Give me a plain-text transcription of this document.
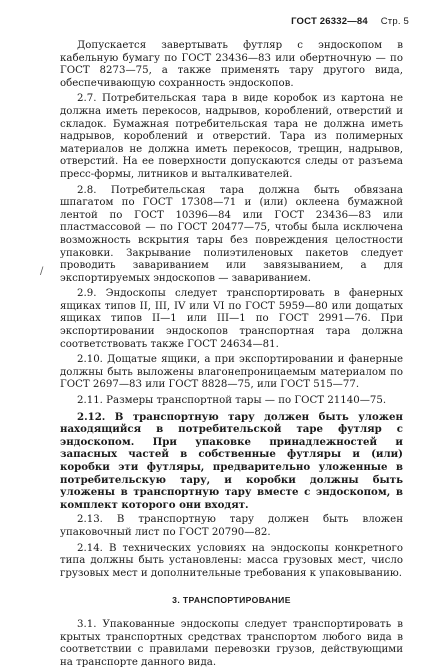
ГОСТ 26332—84 Стр. 5
/

Допускается завертывать футляр с эндоскопом в кабельную бумагу по ГОСТ 23436—83 или обертночную — по ГОСТ 8273—75, а также применять тару другого вида, обеспечивающую сохранность эндоскопов.

2.7. Потребительская тара в виде коробок из картона не должна иметь перекосов, надрывов, короблений, отверстий и складок. Бумажная потребительская тара не должна иметь надрывов, короблений и отверстий. Тара из полимерных материалов не должна иметь перекосов, трещин, надрывов, отверстий. На ее поверхности допускаются следы от разъема пресс-формы, литников и выталкивателей.

2.8. Потребительская тара должна быть обвязана шпагатом по ГОСТ 17308—71 и (или) оклеена бумажной лентой по ГОСТ 10396—84 или ГОСТ 23436—83 или пластмассовой — по ГОСТ 20477—75, чтобы была исключена возможность вскрытия тары без повреждения целостности упаковки. Закрывание полиэтиленовых пакетов следует проводить завариванием или завязыванием, а для экспортируемых эндоскопов — завариванием.

2.9. Эндоскопы следует транспортировать в фанерных ящиках типов II, III, IV или VI по ГОСТ 5959—80 или дощатых ящиках типов II—1 или III—1 по ГОСТ 2991—76. При экспортировании эндоскопов транспортная тара должна соответствовать также ГОСТ 24634—81.

2.10. Дощатые ящики, а при экспортировании и фанерные должны быть выложены влагонепроницаемым материалом по ГОСТ 2697—83 или ГОСТ 8828—75, или ГОСТ 515—77.

2.11. Размеры транспортной тары — по ГОСТ 21140—75.

2.12. В транспортную тару должен быть уложен находящийся в потребительской таре футляр с эндоскопом. При упаковке принадлежностей и запасных частей в собственные футляры и (или) коробки эти футляры, предварительно уложенные в потребительскую тару, и коробки должны быть уложены в транспортную тару вместе с эндоскопом, в комплект которого они входят.

2.13. В транспортную тару должен быть вложен упаковочный лист по ГОСТ 20790—82.

2.14. В технических условиях на эндоскопы конкретного типа должны быть установлены: масса грузовых мест, число грузовых мест и дополнительные требования к упаковыванию.

3. ТРАНСПОРТИРОВАНИЕ

3.1. Упакованные эндоскопы следует транспортировать в крытых транспортных средствах транспортом любого вида в соответствии с правилами перевозки грузов, действующими на транспорте данного вида.
